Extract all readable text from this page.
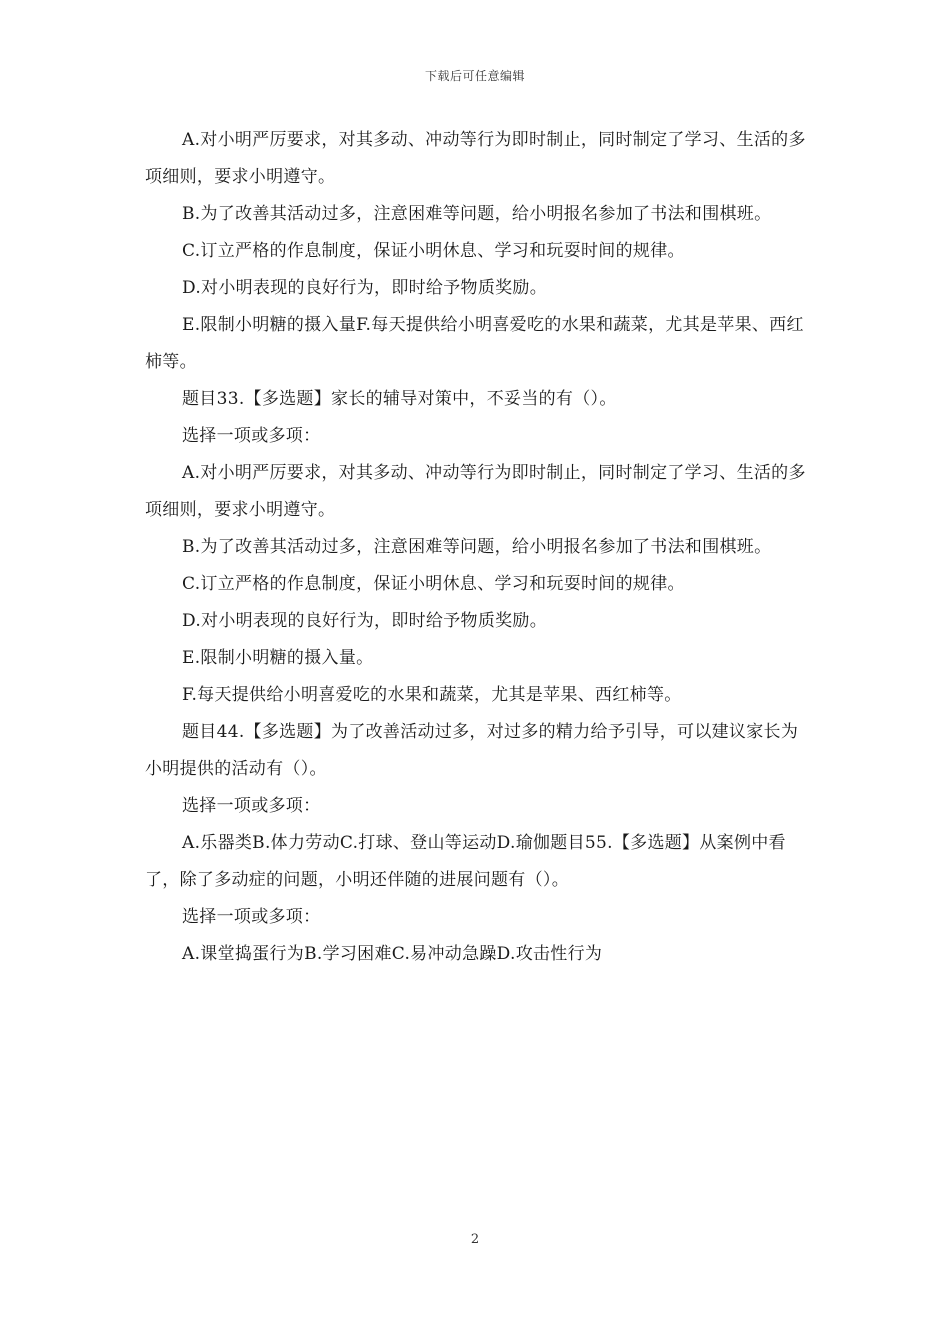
下载后可任意编辑

A.对小明严厉要求，对其多动、冲动等行为即时制止，同时制定了学习、生活的多项细则，要求小明遵守。

B.为了改善其活动过多，注意困难等问题，给小明报名参加了书法和围棋班。

C.订立严格的作息制度，保证小明休息、学习和玩耍时间的规律。

D.对小明表现的良好行为，即时给予物质奖励。

E.限制小明糖的摄入量F.每天提供给小明喜爱吃的水果和蔬菜，尤其是苹果、西红柿等。

题目33.【多选题】家长的辅导对策中，不妥当的有（）。

选择一项或多项：

A.对小明严厉要求，对其多动、冲动等行为即时制止，同时制定了学习、生活的多项细则，要求小明遵守。

B.为了改善其活动过多，注意困难等问题，给小明报名参加了书法和围棋班。

C.订立严格的作息制度，保证小明休息、学习和玩耍时间的规律。

D.对小明表现的良好行为，即时给予物质奖励。

E.限制小明糖的摄入量。

F.每天提供给小明喜爱吃的水果和蔬菜，尤其是苹果、西红柿等。

题目44.【多选题】为了改善活动过多，对过多的精力给予引导，可以建议家长为小明提供的活动有（）。

选择一项或多项：

A.乐器类B.体力劳动C.打球、登山等运动D.瑜伽题目55.【多选题】从案例中看了，除了多动症的问题，小明还伴随的进展问题有（）。

选择一项或多项：

A.课堂捣蛋行为B.学习困难C.易冲动急躁D.攻击性行为

2
